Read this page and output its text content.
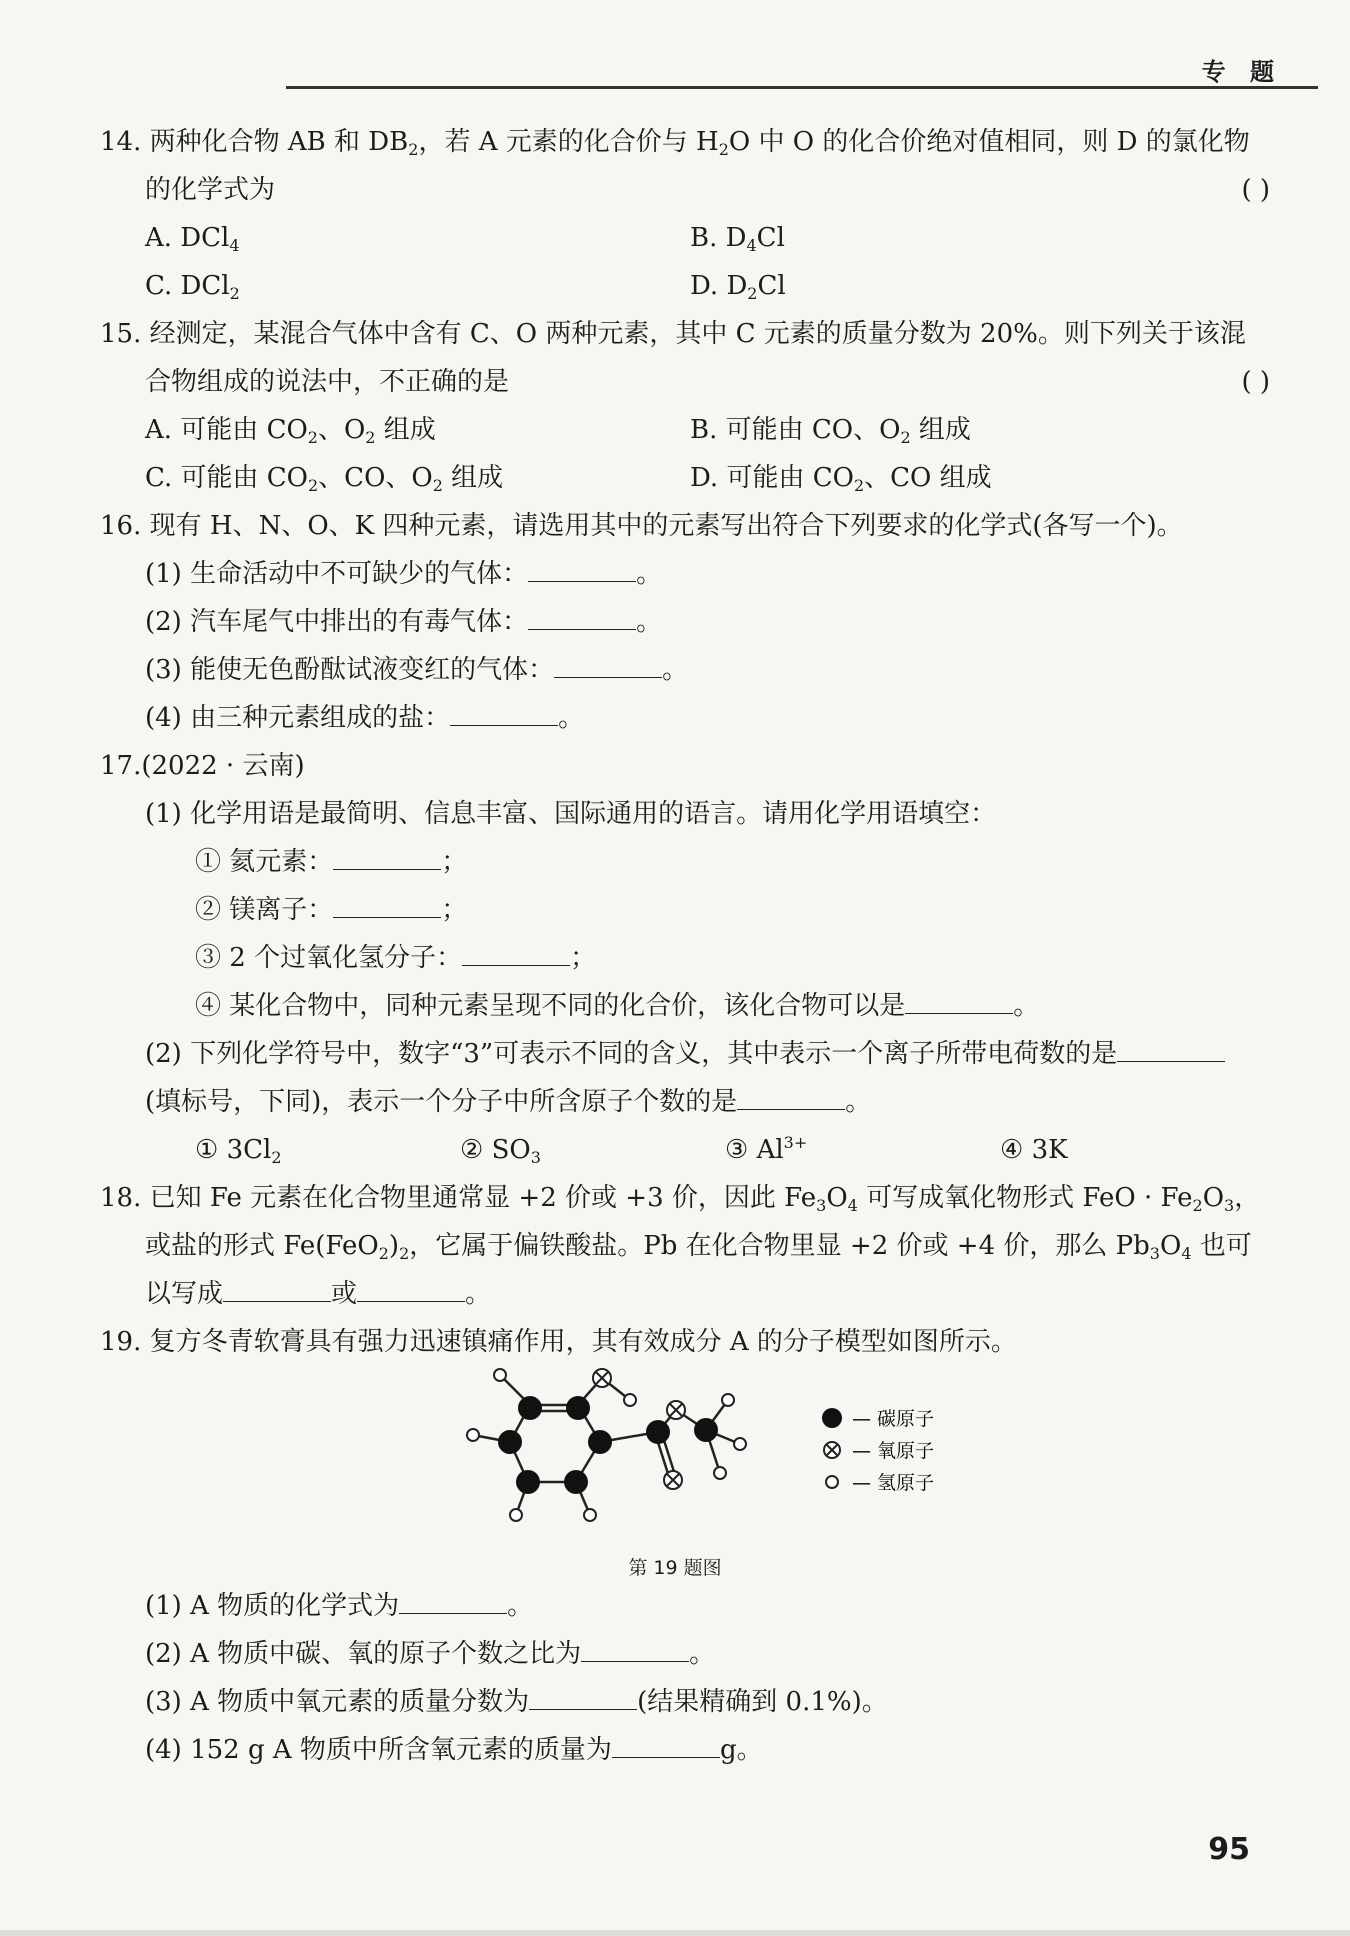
专 题
14. 两种化合物 AB 和 $DB_2$，若 A 元素的化合价与 $H_2O$ 中 O 的化合价绝对值相同，则 D 的氯化物
的化学式为	( )
A. DCl$_4$	B. $D_4Cl$
C. DCl$_2$	D. $D_2Cl$
15. 经测定，某混合气体中含有 C、O 两种元素，其中 C 元素的质量分数为 20%。则下列关于该混
合物组成的说法中，不正确的是	( )
A. 可能由 $CO_2$、$O_2$ 组成	B. 可能由 CO、$O_2$ 组成
C. 可能由 $CO_2$、CO、$O_2$ 组成	D. 可能由 $CO_2$、CO 组成
16. 现有 H、N、O、K 四种元素，请选用其中的元素写出符合下列要求的化学式(各写一个)。
(1) 生命活动中不可缺少的气体：	。
(2) 汽车尾气中排出的有毒气体：	。
(3) 能使无色酚酞试液变红的气体：	。
(4) 由三种元素组成的盐：	。
17.(2022 · 云南)
(1) 化学用语是最简明、信息丰富、国际通用的语言。请用化学用语填空：
① 氦元素：	；
② 镁离子：	；
③ 2 个过氧化氢分子：	；
④ 某化合物中，同种元素呈现不同的化合价，该化合物可以是	。
(2) 下列化学符号中，数字“3”可表示不同的含义，其中表示一个离子所带电荷数的是
(填标号，下同)，表示一个分子中所含原子个数的是	。
① $3Cl_2$	② $SO_3$	③ $Al^{3+}$	④ 3K
18. 已知 Fe 元素在化合物里通常显 +2 价或 +3 价，因此 $Fe_3O_4$ 可写成氧化物形式 FeO · $Fe_2O_3$，
或盐的形式 $Fe(FeO_2)_2$，它属于偏铁酸盐。Pb 在化合物里显 +2 价或 +4 价，那么 $Pb_3O_4$ 也可
以写成	或	。
19. 复方冬青软膏具有强力迅速镇痛作用，其有效成分 A 的分子模型如图所示。
— 碳原子
— 氧原子
— 氢原子
第 19 题图
(1) A 物质的化学式为	。
(2) A 物质中碳、氧的原子个数之比为	。
(3) A 物质中氧元素的质量分数为	(结果精确到 0.1%)。
(4) 152 g A 物质中所含氧元素的质量为	g。
95
